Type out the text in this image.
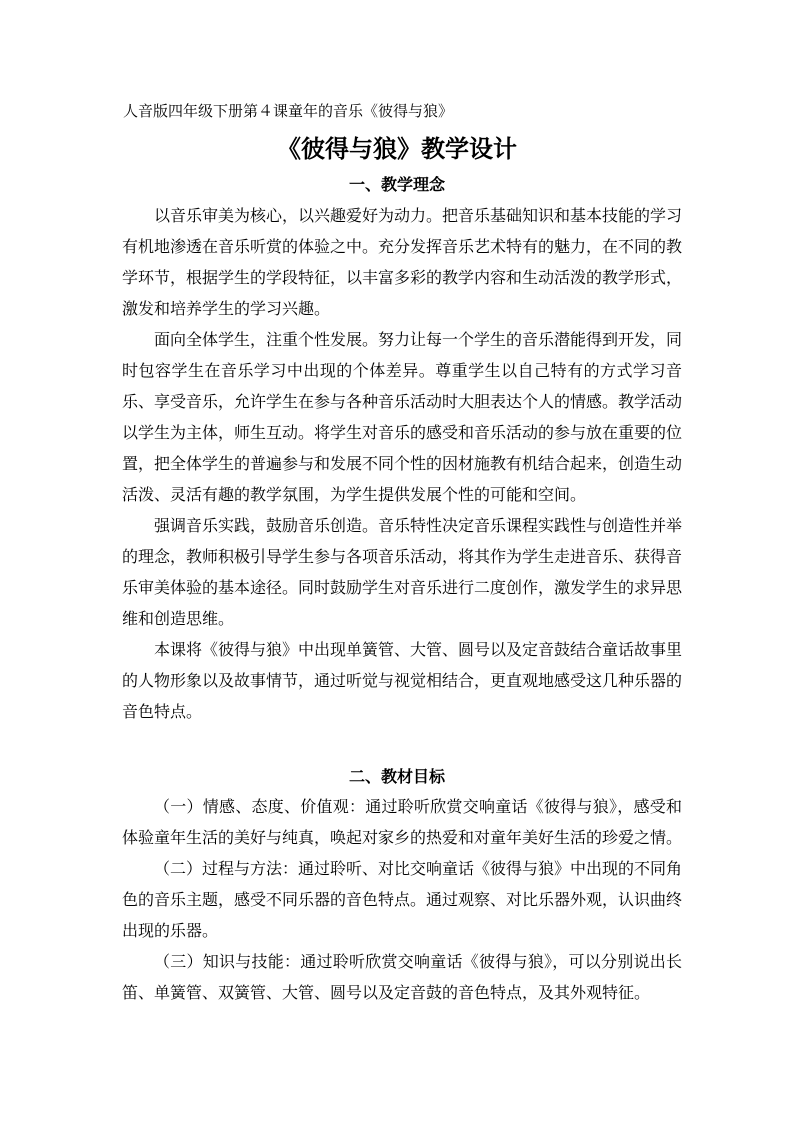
人音版四年级下册第４课童年的音乐《彼得与狼》
《彼得与狼》教学设计
一、教学理念

以音乐审美为核心，以兴趣爱好为动力。把音乐基础知识和基本技能的学习有机地渗透在音乐听赏的体验之中。充分发挥音乐艺术特有的魅力，在不同的教学环节，根据学生的学段特征，以丰富多彩的教学内容和生动活泼的教学形式，激发和培养学生的学习兴趣。

面向全体学生，注重个性发展。努力让每一个学生的音乐潜能得到开发，同时包容学生在音乐学习中出现的个体差异。尊重学生以自己特有的方式学习音乐、享受音乐，允许学生在参与各种音乐活动时大胆表达个人的情感。教学活动以学生为主体，师生互动。将学生对音乐的感受和音乐活动的参与放在重要的位置，把全体学生的普遍参与和发展不同个性的因材施教有机结合起来，创造生动活泼、灵活有趣的教学氛围，为学生提供发展个性的可能和空间。

强调音乐实践，鼓励音乐创造。音乐特性决定音乐课程实践性与创造性并举的理念，教师积极引导学生参与各项音乐活动，将其作为学生走进音乐、获得音乐审美体验的基本途径。同时鼓励学生对音乐进行二度创作，激发学生的求异思维和创造思维。

本课将《彼得与狼》中出现单簧管、大管、圆号以及定音鼓结合童话故事里的人物形象以及故事情节，通过听觉与视觉相结合，更直观地感受这几种乐器的音色特点。

二、教材目标

（一）情感、态度、价值观：通过聆听欣赏交响童话《彼得与狼》，感受和体验童年生活的美好与纯真，唤起对家乡的热爱和对童年美好生活的珍爱之情。

（二）过程与方法：通过聆听、对比交响童话《彼得与狼》中出现的不同角色的音乐主题，感受不同乐器的音色特点。通过观察、对比乐器外观，认识曲终出现的乐器。

（三）知识与技能：通过聆听欣赏交响童话《彼得与狼》，可以分别说出长笛、单簧管、双簧管、大管、圆号以及定音鼓的音色特点，及其外观特征。
